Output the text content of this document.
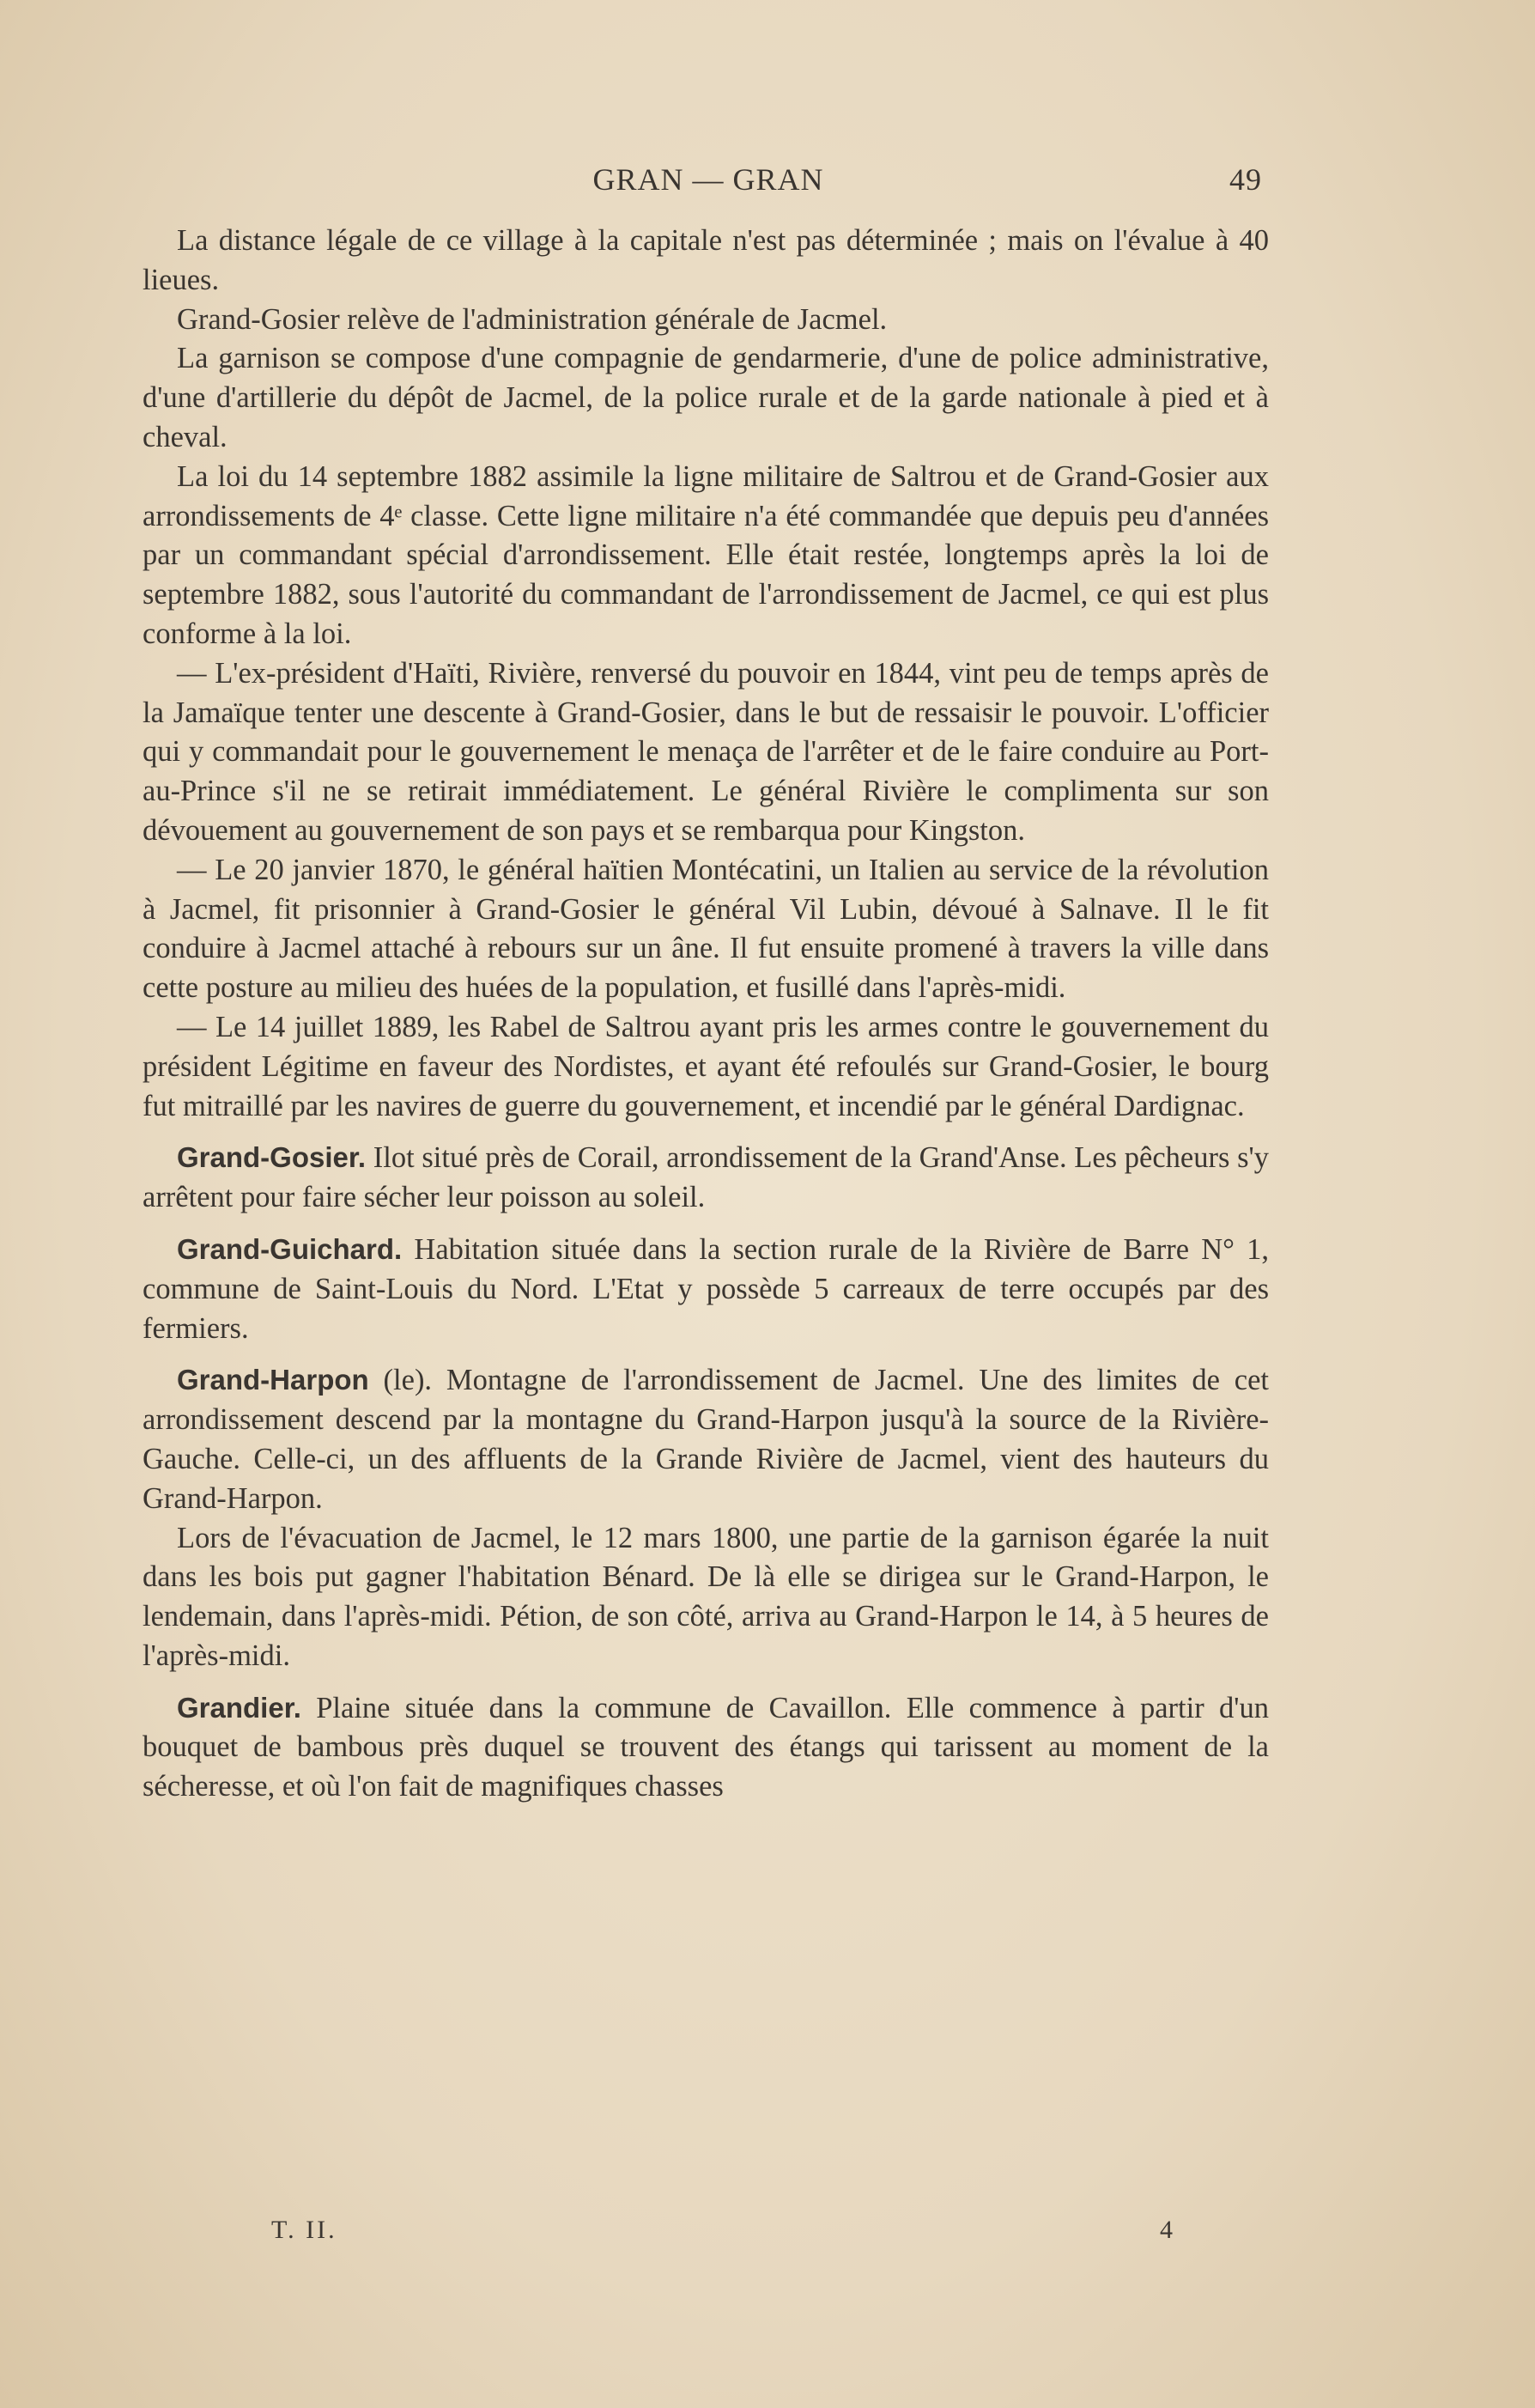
GRAN — GRAN	49

La distance légale de ce village à la capitale n'est pas déterminée ; mais on l'évalue à 40 lieues.

Grand-Gosier relève de l'administration générale de Jacmel.

La garnison se compose d'une compagnie de gendarmerie, d'une de police administrative, d'une d'artillerie du dépôt de Jacmel, de la police rurale et de la garde nationale à pied et à cheval.

La loi du 14 septembre 1882 assimile la ligne militaire de Saltrou et de Grand-Gosier aux arrondissements de 4ᵉ classe. Cette ligne militaire n'a été commandée que depuis peu d'années par un commandant spécial d'arrondissement. Elle était restée, longtemps après la loi de septembre 1882, sous l'autorité du commandant de l'arrondissement de Jacmel, ce qui est plus conforme à la loi.

— L'ex-président d'Haïti, Rivière, renversé du pouvoir en 1844, vint peu de temps après de la Jamaïque tenter une descente à Grand-Gosier, dans le but de ressaisir le pouvoir. L'officier qui y commandait pour le gouvernement le menaça de l'arrêter et de le faire conduire au Port-au-Prince s'il ne se retirait immédiatement. Le général Rivière le complimenta sur son dévouement au gouvernement de son pays et se rembarqua pour Kingston.

— Le 20 janvier 1870, le général haïtien Montécatini, un Italien au service de la révolution à Jacmel, fit prisonnier à Grand-Gosier le général Vil Lubin, dévoué à Salnave. Il le fit conduire à Jacmel attaché à rebours sur un âne. Il fut ensuite promené à travers la ville dans cette posture au milieu des huées de la population, et fusillé dans l'après-midi.

— Le 14 juillet 1889, les Rabel de Saltrou ayant pris les armes contre le gouvernement du président Légitime en faveur des Nordistes, et ayant été refoulés sur Grand-Gosier, le bourg fut mitraillé par les navires de guerre du gouvernement, et incendié par le général Dardignac.

Grand-Gosier. Ilot situé près de Corail, arrondissement de la Grand'Anse. Les pêcheurs s'y arrêtent pour faire sécher leur poisson au soleil.

Grand-Guichard. Habitation située dans la section rurale de la Rivière de Barre N° 1, commune de Saint-Louis du Nord. L'Etat y possède 5 carreaux de terre occupés par des fermiers.

Grand-Harpon (le). Montagne de l'arrondissement de Jacmel. Une des limites de cet arrondissement descend par la montagne du Grand-Harpon jusqu'à la source de la Rivière-Gauche. Celle-ci, un des affluents de la Grande Rivière de Jacmel, vient des hauteurs du Grand-Harpon.

Lors de l'évacuation de Jacmel, le 12 mars 1800, une partie de la garnison égarée la nuit dans les bois put gagner l'habitation Bénard. De là elle se dirigea sur le Grand-Harpon, le lendemain, dans l'après-midi. Pétion, de son côté, arriva au Grand-Harpon le 14, à 5 heures de l'après-midi.

Grandier. Plaine située dans la commune de Cavaillon. Elle commence à partir d'un bouquet de bambous près duquel se trouvent des étangs qui tarissent au moment de la sécheresse, et où l'on fait de magnifiques chasses

T. II.	4
